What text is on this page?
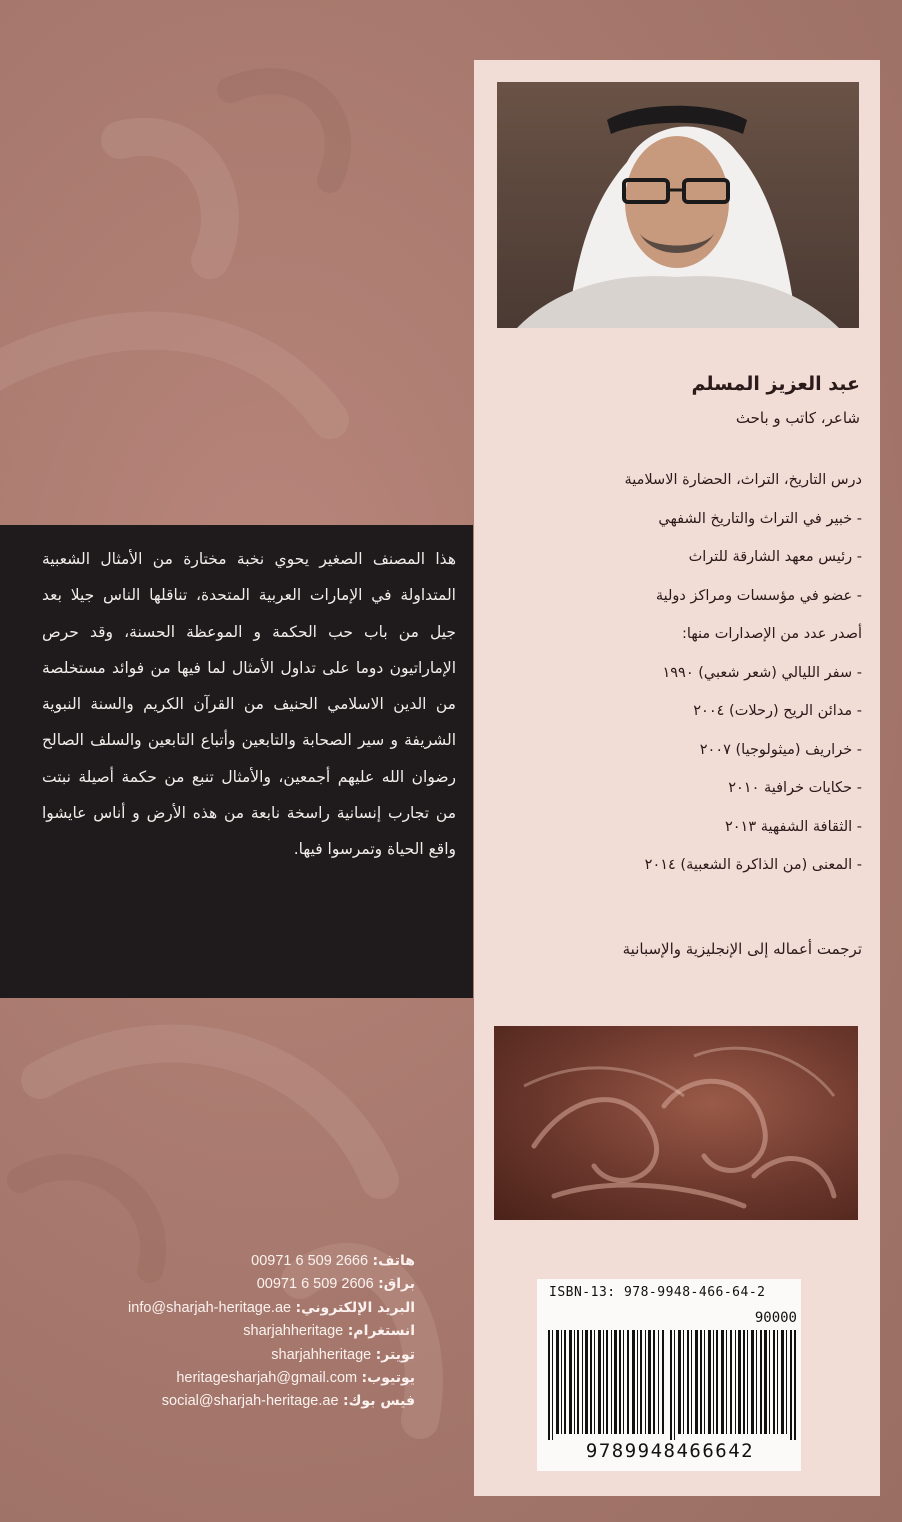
عبد العزيز المسلم
شاعر، كاتب و باحث
درس التاريخ، التراث، الحضارة الاسلامية
- خبير في التراث والتاريخ الشفهي
- رئيس معهد الشارقة للتراث
- عضو في مؤسسات ومراكز دولية
أصدر عدد من الإصدارات منها:
- سفر الليالي (شعر شعبي) ١٩٩٠
- مدائن الريح (رحلات) ٢٠٠٤
- خراريف (ميثولوجيا) ٢٠٠٧
- حكايات خرافية ٢٠١٠
- الثقافة الشفهية ٢٠١٣
- المعنى (من الذاكرة الشعبية) ٢٠١٤
ترجمت أعماله إلى الإنجليزية والإسبانية
ISBN-13: 978-9948-466-64-2
90000
9789948466642

هذا المصنف الصغير يحوي نخبة مختارة من الأمثال الشعبية المتداولة في الإمارات العربية المتحدة، تناقلها الناس جيلا بعد جيل من باب حب الحكمة و الموعظة الحسنة، وقد حرص الإماراتيون دوما على تداول الأمثال لما فيها من فوائد مستخلصة من الدين الاسلامي الحنيف من القرآن الكريم والسنة النبوية الشريفة و سير الصحابة والتابعين وأتباع التابعين والسلف الصالح رضوان الله عليهم أجمعين، والأمثال تنبع من حكمة أصيلة نبتت من تجارب إنسانية راسخة نابعة من هذه الأرض و أناس عايشوا واقع الحياة وتمرسوا فيها.

هاتف: 00971 6 509 2666
براق: 00971 6 509 2606
البريد الإلكتروني: info@sharjah-heritage.ae
انستغرام: sharjahheritage
تويتر: sharjahheritage
يوتيوب: heritagesharjah@gmail.com
فيس بوك: social@sharjah-heritage.ae
